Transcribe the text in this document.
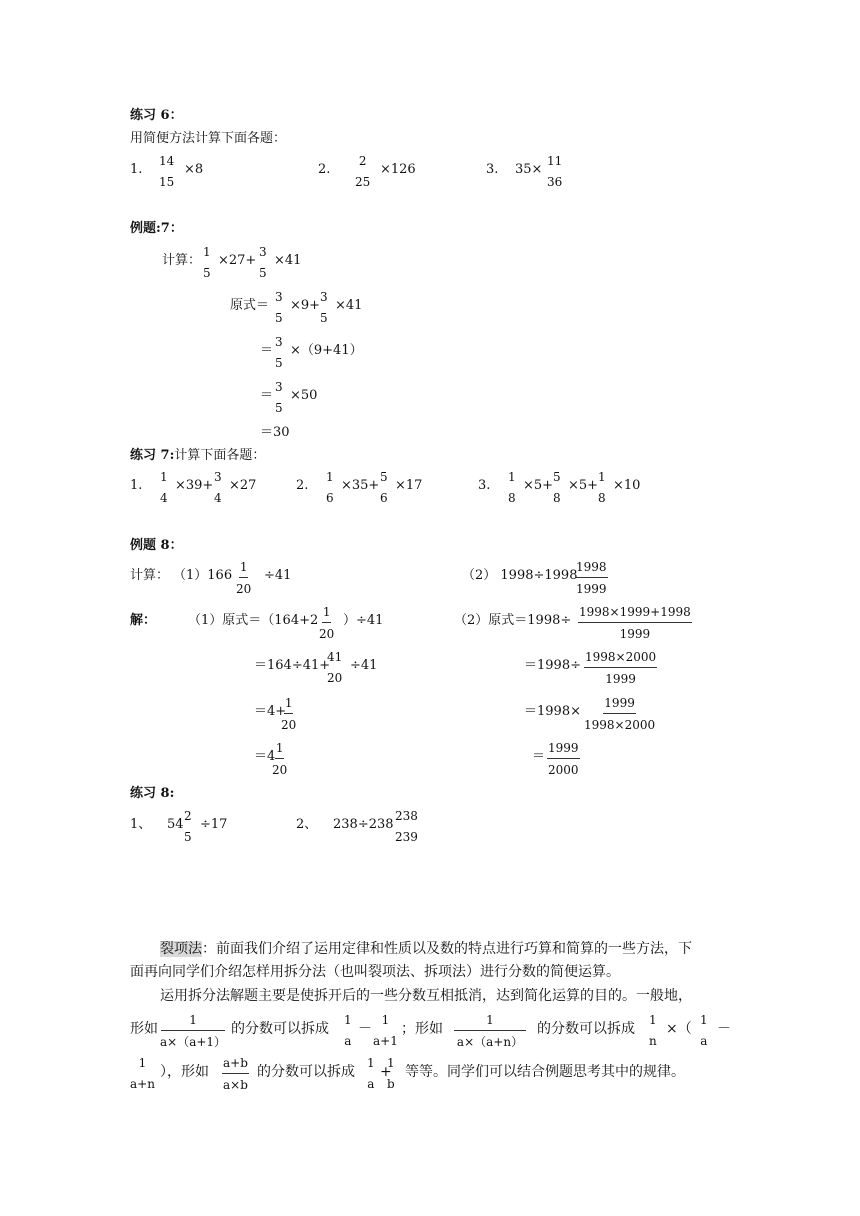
练习 6：
用简便方法计算下面各题：
1.
14
15
×8	2.
2
25
×126	3. 35×
11
36
例题:7：
计算：
1
5
×27+
3
5
×41
原式＝
3
5
×9+
3
5
×41
＝
3
5
×（9+41）
＝
3
5
×50
＝30
练习 7:计算下面各题：
1.
1
4
×39+
3
4
×27	2.
1
6
×35+
5
6
×17	3.
1
8
×5+
5
8
×5+
1
8
×10
例题 8：
计算： （1）166
1
20
÷41	（2） 1998÷1998
1998
1999
解： （1）原式＝（164+2
1
20
）÷41
＝164÷41+
41
20
÷41
＝4+
1
20
＝4
1
20
（2）原式＝1998÷
1998×1999+1998
1999
＝1998÷
1998×2000
1999
＝1998×
1999
1998×2000
＝
1999
2000
练习 8:
1、 54
2
5
÷17	2、 238÷238
238
239
裂项法：前面我们介绍了运用定律和性质以及数的特点进行巧算和简算的一些方法，下
面再向同学们介绍怎样用拆分法（也叫裂项法、拆项法）进行分数的简便运算。
运用拆分法解题主要是使拆开后的一些分数互相抵消，达到简化运算的目的。一般地，
形如
1
a×（a+1）
的分数可以拆成
1
a
－
1
a+1
；形如
1
a×（a+n）
的分数可以拆成
1
n
×（
1
a
－
1
a+n
），形如
a+b
a×b
的分数可以拆成
1
a
+
1
b
等等。同学们可以结合例题思考其中的规律。
